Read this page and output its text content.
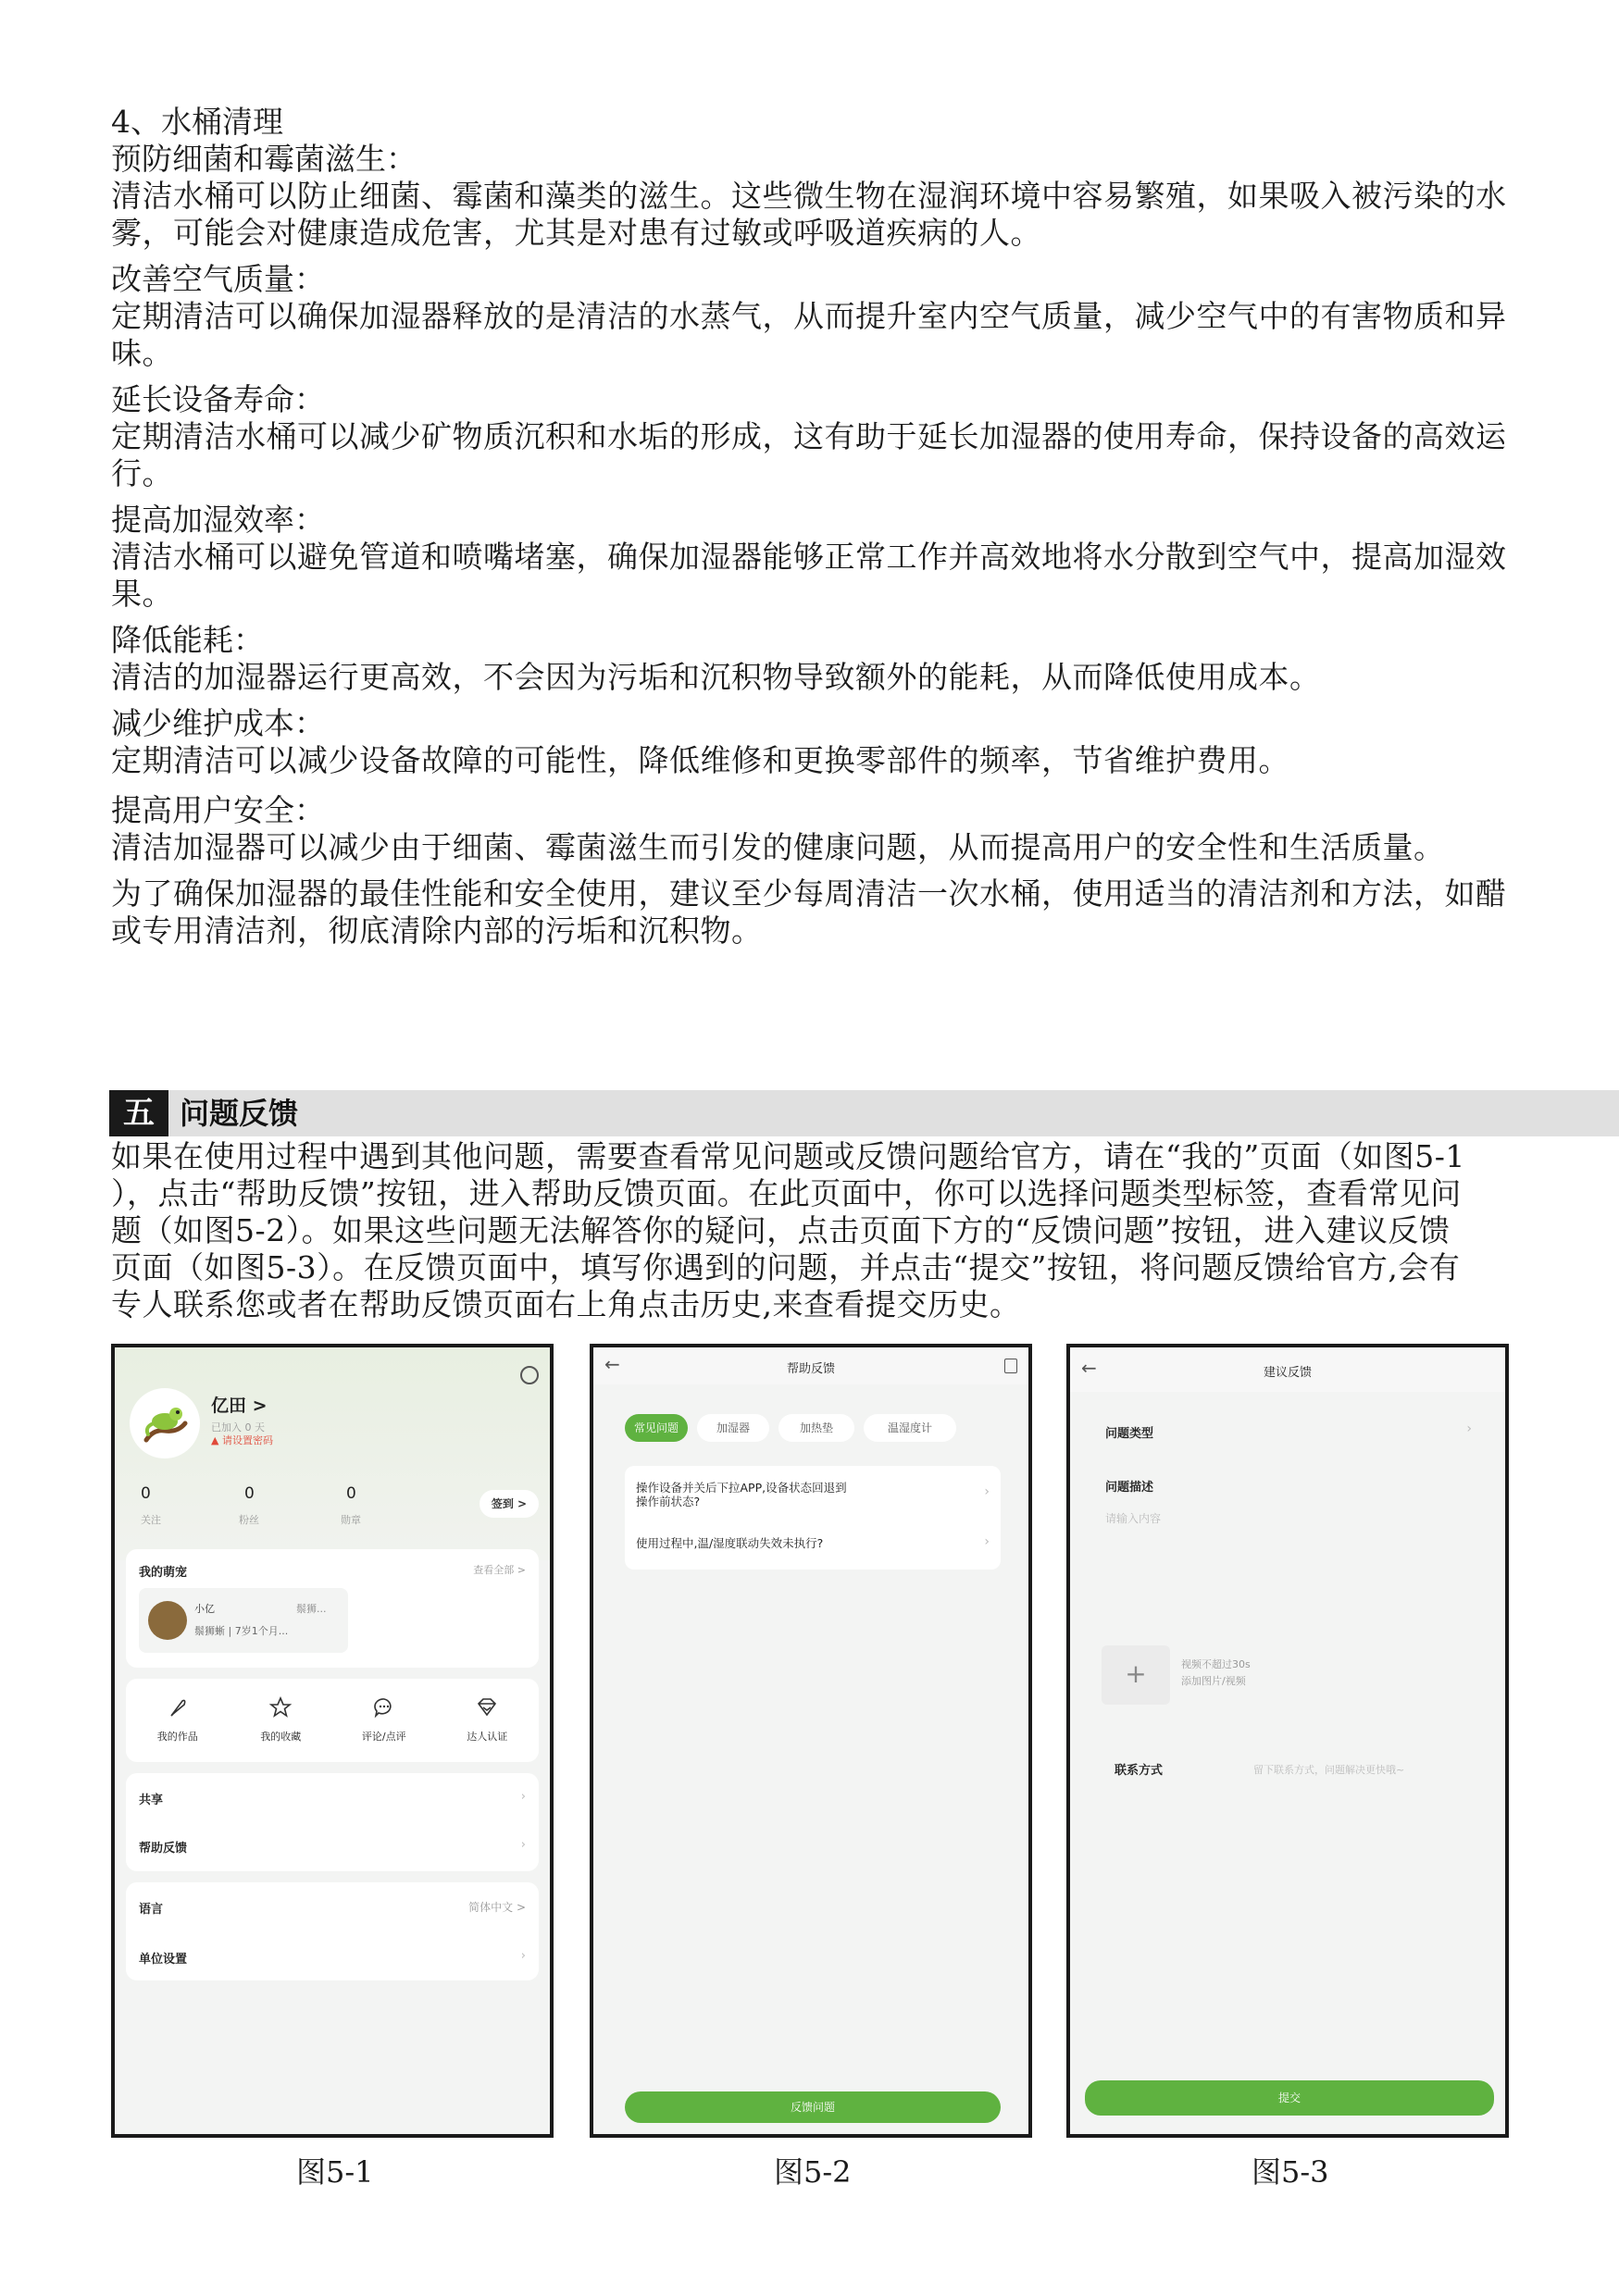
4、水桶清理

预防细菌和霉菌滋生：

清洁水桶可以防止细菌、霉菌和藻类的滋生。这些微生物在湿润环境中容易繁殖，如果吸入被污染的水

雾，可能会对健康造成危害，尤其是对患有过敏或呼吸道疾病的人。

改善空气质量：

定期清洁可以确保加湿器释放的是清洁的水蒸气，从而提升室内空气质量，减少空气中的有害物质和异

味。

延长设备寿命：

定期清洁水桶可以减少矿物质沉积和水垢的形成，这有助于延长加湿器的使用寿命，保持设备的高效运

行。

提高加湿效率：

清洁水桶可以避免管道和喷嘴堵塞，确保加湿器能够正常工作并高效地将水分散到空气中，提高加湿效

果。

降低能耗：

清洁的加湿器运行更高效，不会因为污垢和沉积物导致额外的能耗，从而降低使用成本。

减少维护成本：

定期清洁可以减少设备故障的可能性，降低维修和更换零部件的频率，节省维护费用。

提高用户安全：

清洁加湿器可以减少由于细菌、霉菌滋生而引发的健康问题，从而提高用户的安全性和生活质量。

为了确保加湿器的最佳性能和安全使用，建议至少每周清洁一次水桶，使用适当的清洁剂和方法，如醋

或专用清洁剂，彻底清除内部的污垢和沉积物。

五 问题反馈

如果在使用过程中遇到其他问题，需要查看常见问题或反馈问题给官方，请在“我的”页面（如图5-1

），点击“帮助反馈”按钮，进入帮助反馈页面。在此页面中，你可以选择问题类型标签，查看常见问

题（如图5-2）。如果这些问题无法解答你的疑问，点击页面下方的“反馈问题”按钮，进入建议反馈

页面（如图5-3）。在反馈页面中，填写你遇到的问题，并点击“提交”按钮，将问题反馈给官方,会有

专人联系您或者在帮助反馈页面右上角点击历史,来查看提交历史。

亿田 >
已加入 0 天
▲ 请设置密码
0	0	0
关注	粉丝	勋章
签到 >
我的萌宠	查看全部 >
小亿	鬃狮...
鬃狮蜥 | 7岁1个月...
我的作品	我的收藏	评论/点评	达人认证
共享	›
帮助反馈	›
语言	简体中文 >
单位设置	›
图5-1
←	帮助反馈
常见问题	加湿器	加热垫	温湿度计
操作设备并关后下拉APP,设备状态回退到
操作前状态?
›
使用过程中,温/湿度联动失效未执行?	›
反馈问题
图5-2
←	建议反馈
问题类型	›
问题描述
请输入内容
+	视频不超过30s
添加图片/视频
联系方式	留下联系方式，问题解决更快哦~
提交
图5-3
